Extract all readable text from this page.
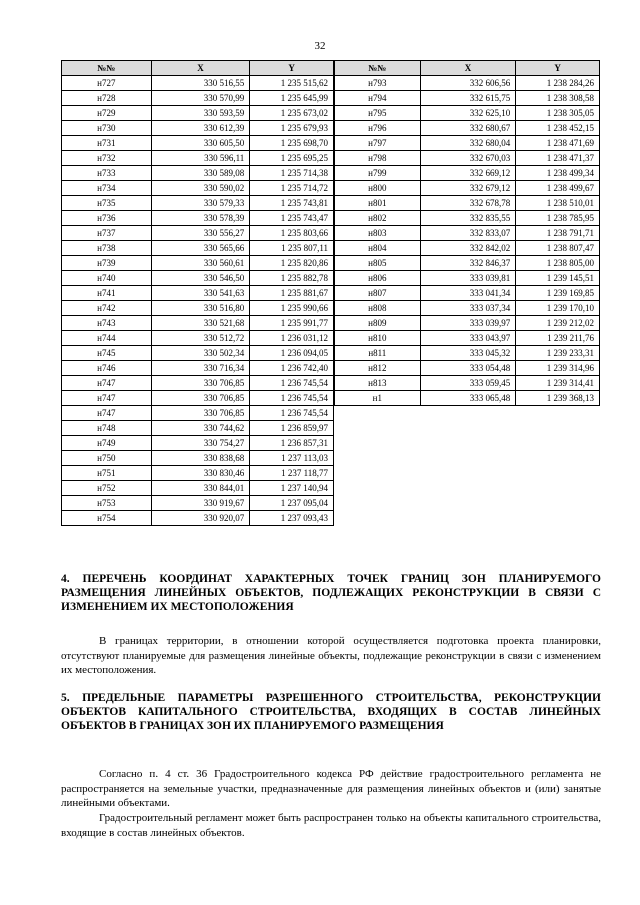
32
№№	X	Y
н727	330 516,55	1 235 515,62
н728	330 570,99	1 235 645,99
н729	330 593,59	1 235 673,02
н730	330 612,39	1 235 679,93
н731	330 605,50	1 235 698,70
н732	330 596,11	1 235 695,25
н733	330 589,08	1 235 714,38
н734	330 590,02	1 235 714,72
н735	330 579,33	1 235 743,81
н736	330 578,39	1 235 743,47
н737	330 556,27	1 235 803,66
н738	330 565,66	1 235 807,11
н739	330 560,61	1 235 820,86
н740	330 546,50	1 235 882,78
н741	330 541,63	1 235 881,67
н742	330 516,80	1 235 990,66
н743	330 521,68	1 235 991,77
н744	330 512,72	1 236 031,12
н745	330 502,34	1 236 094,05
н746	330 716,34	1 236 742,40
н747	330 706,85	1 236 745,54
н747	330 706,85	1 236 745,54
н747	330 706,85	1 236 745,54
н748	330 744,62	1 236 859,97
н749	330 754,27	1 236 857,31
н750	330 838,68	1 237 113,03
н751	330 830,46	1 237 118,77
н752	330 844,01	1 237 140,94
н753	330 919,67	1 237 095,04
н754	330 920,07	1 237 093,43
№№	X	Y
н793	332 606,56	1 238 284,26
н794	332 615,75	1 238 308,58
н795	332 625,10	1 238 305,05
н796	332 680,67	1 238 452,15
н797	332 680,04	1 238 471,69
н798	332 670,03	1 238 471,37
н799	332 669,12	1 238 499,34
н800	332 679,12	1 238 499,67
н801	332 678,78	1 238 510,01
н802	332 835,55	1 238 785,95
н803	332 833,07	1 238 791,71
н804	332 842,02	1 238 807,47
н805	332 846,37	1 238 805,00
н806	333 039,81	1 239 145,51
н807	333 041,34	1 239 169,85
н808	333 037,34	1 239 170,10
н809	333 039,97	1 239 212,02
н810	333 043,97	1 239 211,76
н811	333 045,32	1 239 233,31
н812	333 054,48	1 239 314,96
н813	333 059,45	1 239 314,41
н1	333 065,48	1 239 368,13
4. ПЕРЕЧЕНЬ КООРДИНАТ ХАРАКТЕРНЫХ ТОЧЕК ГРАНИЦ ЗОН ПЛАНИРУЕМОГО РАЗМЕЩЕНИЯ ЛИНЕЙНЫХ ОБЪЕКТОВ, ПОДЛЕЖАЩИХ РЕКОНСТРУКЦИИ В СВЯЗИ С ИЗМЕНЕНИЕМ ИХ МЕСТОПОЛОЖЕНИЯ
В границах территории, в отношении которой осуществляется подготовка проекта планировки, отсутствуют планируемые для размещения линейные объекты, подлежащие реконструкции в связи с изменением их местоположения.
5. ПРЕДЕЛЬНЫЕ ПАРАМЕТРЫ РАЗРЕШЕННОГО СТРОИТЕЛЬСТВА, РЕКОНСТРУКЦИИ ОБЪЕКТОВ КАПИТАЛЬНОГО СТРОИТЕЛЬСТВА, ВХОДЯЩИХ В СОСТАВ ЛИНЕЙНЫХ ОБЪЕКТОВ В ГРАНИЦАХ ЗОН ИХ ПЛАНИРУЕМОГО РАЗМЕЩЕНИЯ
Согласно п. 4 ст. 36 Градостроительного кодекса РФ действие градостроительного регламента не распространяется на земельные участки, предназначенные для размещения линейных объектов и (или) занятые линейными объектами.
Градостроительный регламент может быть распространен только на объекты капитального строительства, входящие в состав линейных объектов.
